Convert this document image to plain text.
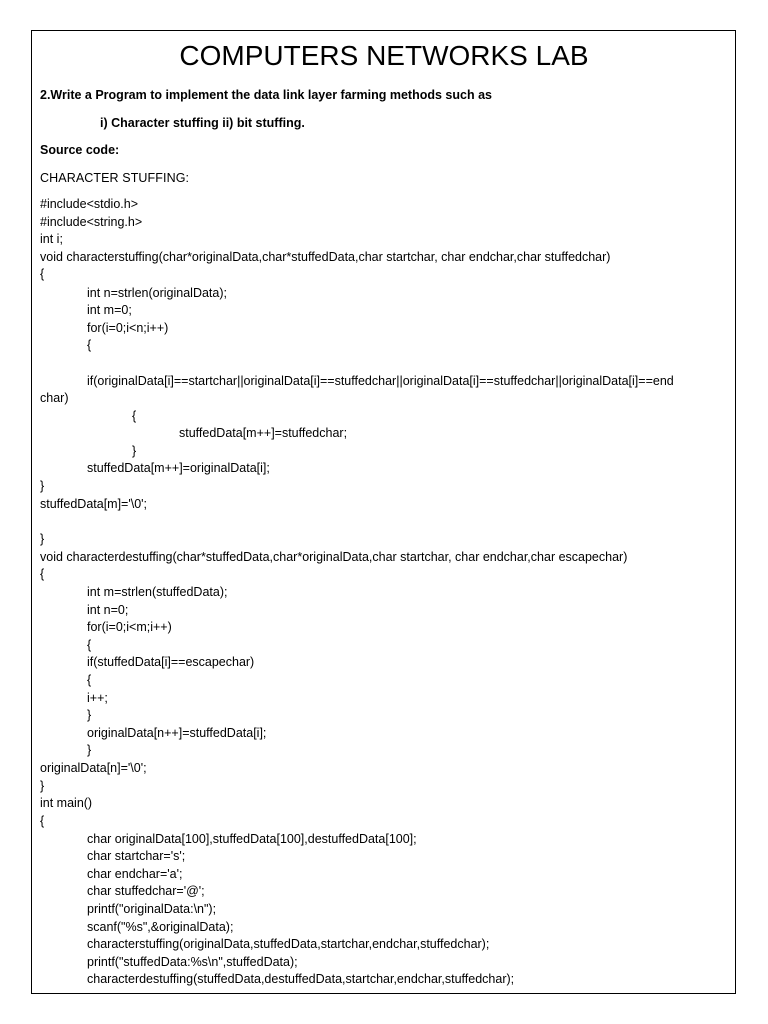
COMPUTERS NETWORKS LAB

2.Write a Program to implement the data link layer farming methods such as

i) Character stuffing ii) bit stuffing.

Source code:

CHARACTER STUFFING:

#include<stdio.h>

#include<string.h>

int i;

void characterstuffing(char*originalData,char*stuffedData,char startchar, char endchar,char stuffedchar)

{

int n=strlen(originalData);

int m=0;

for(i=0;i<n;i++)

{

if(originalData[i]==startchar||originalData[i]==stuffedchar||originalData[i]==stuffedchar||originalData[i]==end

char)

{

stuffedData[m++]=stuffedchar;

}

stuffedData[m++]=originalData[i];

}

stuffedData[m]='\0';

}

void characterdestuffing(char*stuffedData,char*originalData,char startchar, char endchar,char escapechar)

{

int m=strlen(stuffedData);

int n=0;

for(i=0;i<m;i++)

{

if(stuffedData[i]==escapechar)

{

i++;

}

originalData[n++]=stuffedData[i];

}

originalData[n]='\0';

}

int main()

{

char originalData[100],stuffedData[100],destuffedData[100];

char startchar='s';

char endchar='a';

char stuffedchar='@';

printf("originalData:\n");

scanf("%s",&originalData);

characterstuffing(originalData,stuffedData,startchar,endchar,stuffedchar);

printf("stuffedData:%s\n",stuffedData);

characterdestuffing(stuffedData,destuffedData,startchar,endchar,stuffedchar);
